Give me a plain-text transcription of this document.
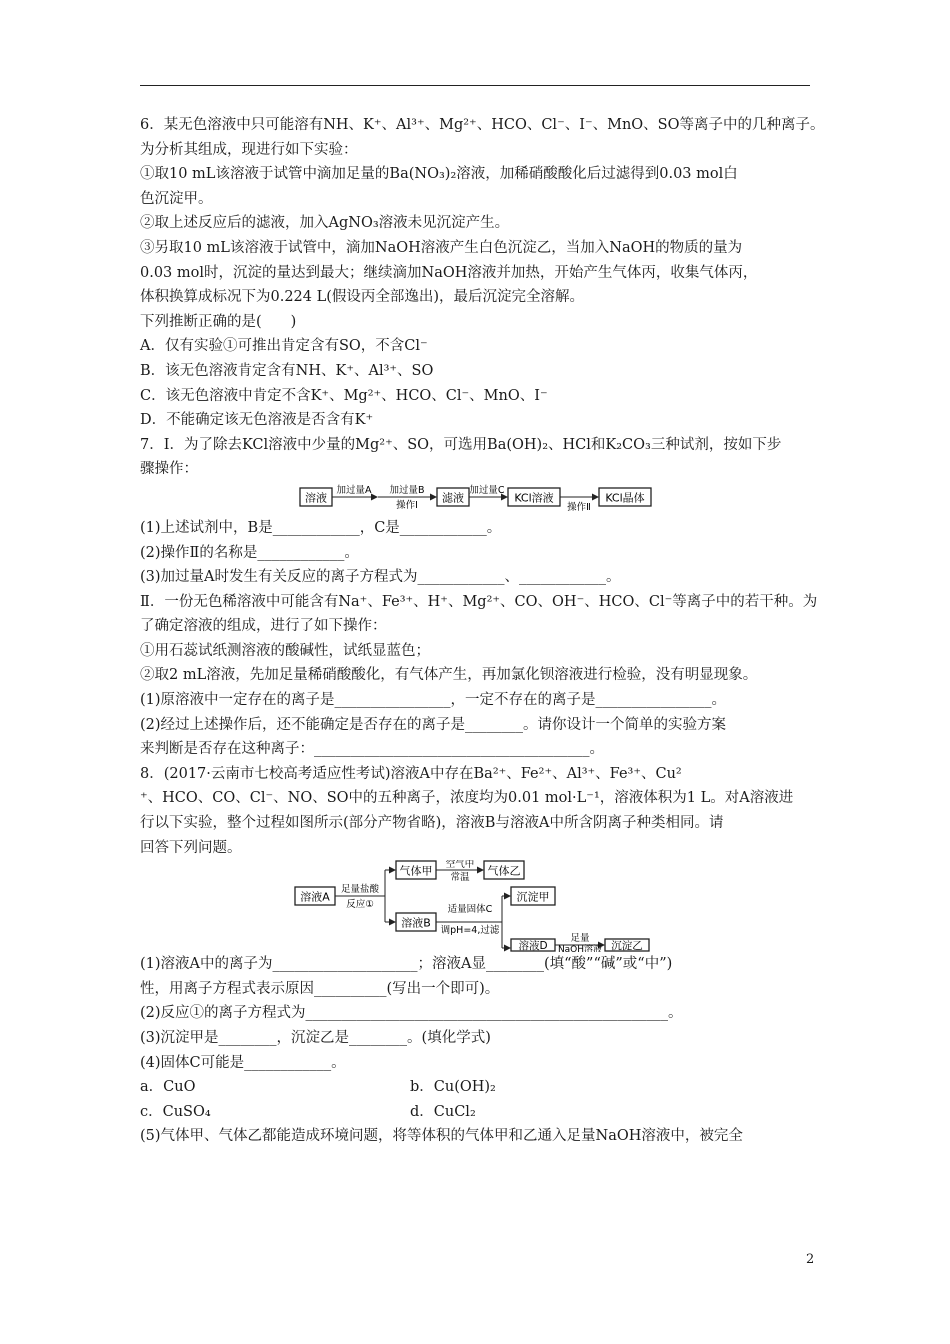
6．某无色溶液中只可能溶有NH、K⁺、Al³⁺、Mg²⁺、HCO、Cl⁻、I⁻、MnO、SO等离子中的几种离子。
为分析其组成，现进行如下实验：
①取10 mL该溶液于试管中滴加足量的Ba(NO₃)₂溶液，加稀硝酸酸化后过滤得到0.03 mol白
色沉淀甲。
②取上述反应后的滤液，加入AgNO₃溶液未见沉淀产生。
③另取10 mL该溶液于试管中，滴加NaOH溶液产生白色沉淀乙，当加入NaOH的物质的量为
0.03 mol时，沉淀的量达到最大；继续滴加NaOH溶液并加热，开始产生气体丙，收集气体丙，
体积换算成标况下为0.224 L(假设丙全部逸出)，最后沉淀完全溶解。
下列推断正确的是(　　)
A．仅有实验①可推出肯定含有SO，不含Cl⁻
B．该无色溶液肯定含有NH、K⁺、Al³⁺、SO
C．该无色溶液中肯定不含K⁺、Mg²⁺、HCO、Cl⁻、MnO、I⁻
D．不能确定该无色溶液是否含有K⁺
7．Ⅰ．为了除去KCl溶液中少量的Mg²⁺、SO，可选用Ba(OH)₂、HCl和K₂CO₃三种试剂，按如下步
骤操作：
溶液
加过量A 加过量B
操作Ⅰ
滤液
加过量C
KCl溶液
操作Ⅱ
KCl晶体
(1)上述试剂中，B是____________，C是____________。
(2)操作Ⅱ的名称是____________。
(3)加过量A时发生有关反应的离子方程式为____________、____________。
Ⅱ．一份无色稀溶液中可能含有Na⁺、Fe³⁺、H⁺、Mg²⁺、CO、OH⁻、HCO、Cl⁻等离子中的若干种。为
了确定溶液的组成，进行了如下操作：
①用石蕊试纸测溶液的酸碱性，试纸显蓝色；
②取2 mL溶液，先加足量稀硝酸酸化，有气体产生，再加氯化钡溶液进行检验，没有明显现象。
(1)原溶液中一定存在的离子是________________，一定不存在的离子是________________。
(2)经过上述操作后，还不能确定是否存在的离子是________。请你设计一个简单的实验方案
来判断是否存在这种离子：______________________________________。
8．(2017·云南市七校高考适应性考试)溶液A中存在Ba²⁺、Fe²⁺、Al³⁺、Fe³⁺、Cu²
⁺、HCO、CO、Cl⁻、NO、SO中的五种离子，浓度均为0.01 mol·L⁻¹，溶液体积为1 L。对A溶液进
行以下实验，整个过程如图所示(部分产物省略)，溶液B与溶液A中所含阴离子种类相同。请
回答下列问题。
溶液A
足量盐酸
反应①
气体甲 空气中
常温 气体乙
溶液B
适量固体C
调pH=4,过滤
沉淀甲
溶液D
足量
NaOH溶液 沉淀乙
(1)溶液A中的离子为____________________；溶液A显________(填“酸”“碱”或“中”)
性，用离子方程式表示原因__________(写出一个即可)。
(2)反应①的离子方程式为__________________________________________________。
(3)沉淀甲是________，沉淀乙是________。(填化学式)
(4)固体C可能是____________。
a．CuO	b．Cu(OH)₂
c．CuSO₄	d．CuCl₂
(5)气体甲、气体乙都能造成环境问题，将等体积的气体甲和乙通入足量NaOH溶液中，被完全
2
